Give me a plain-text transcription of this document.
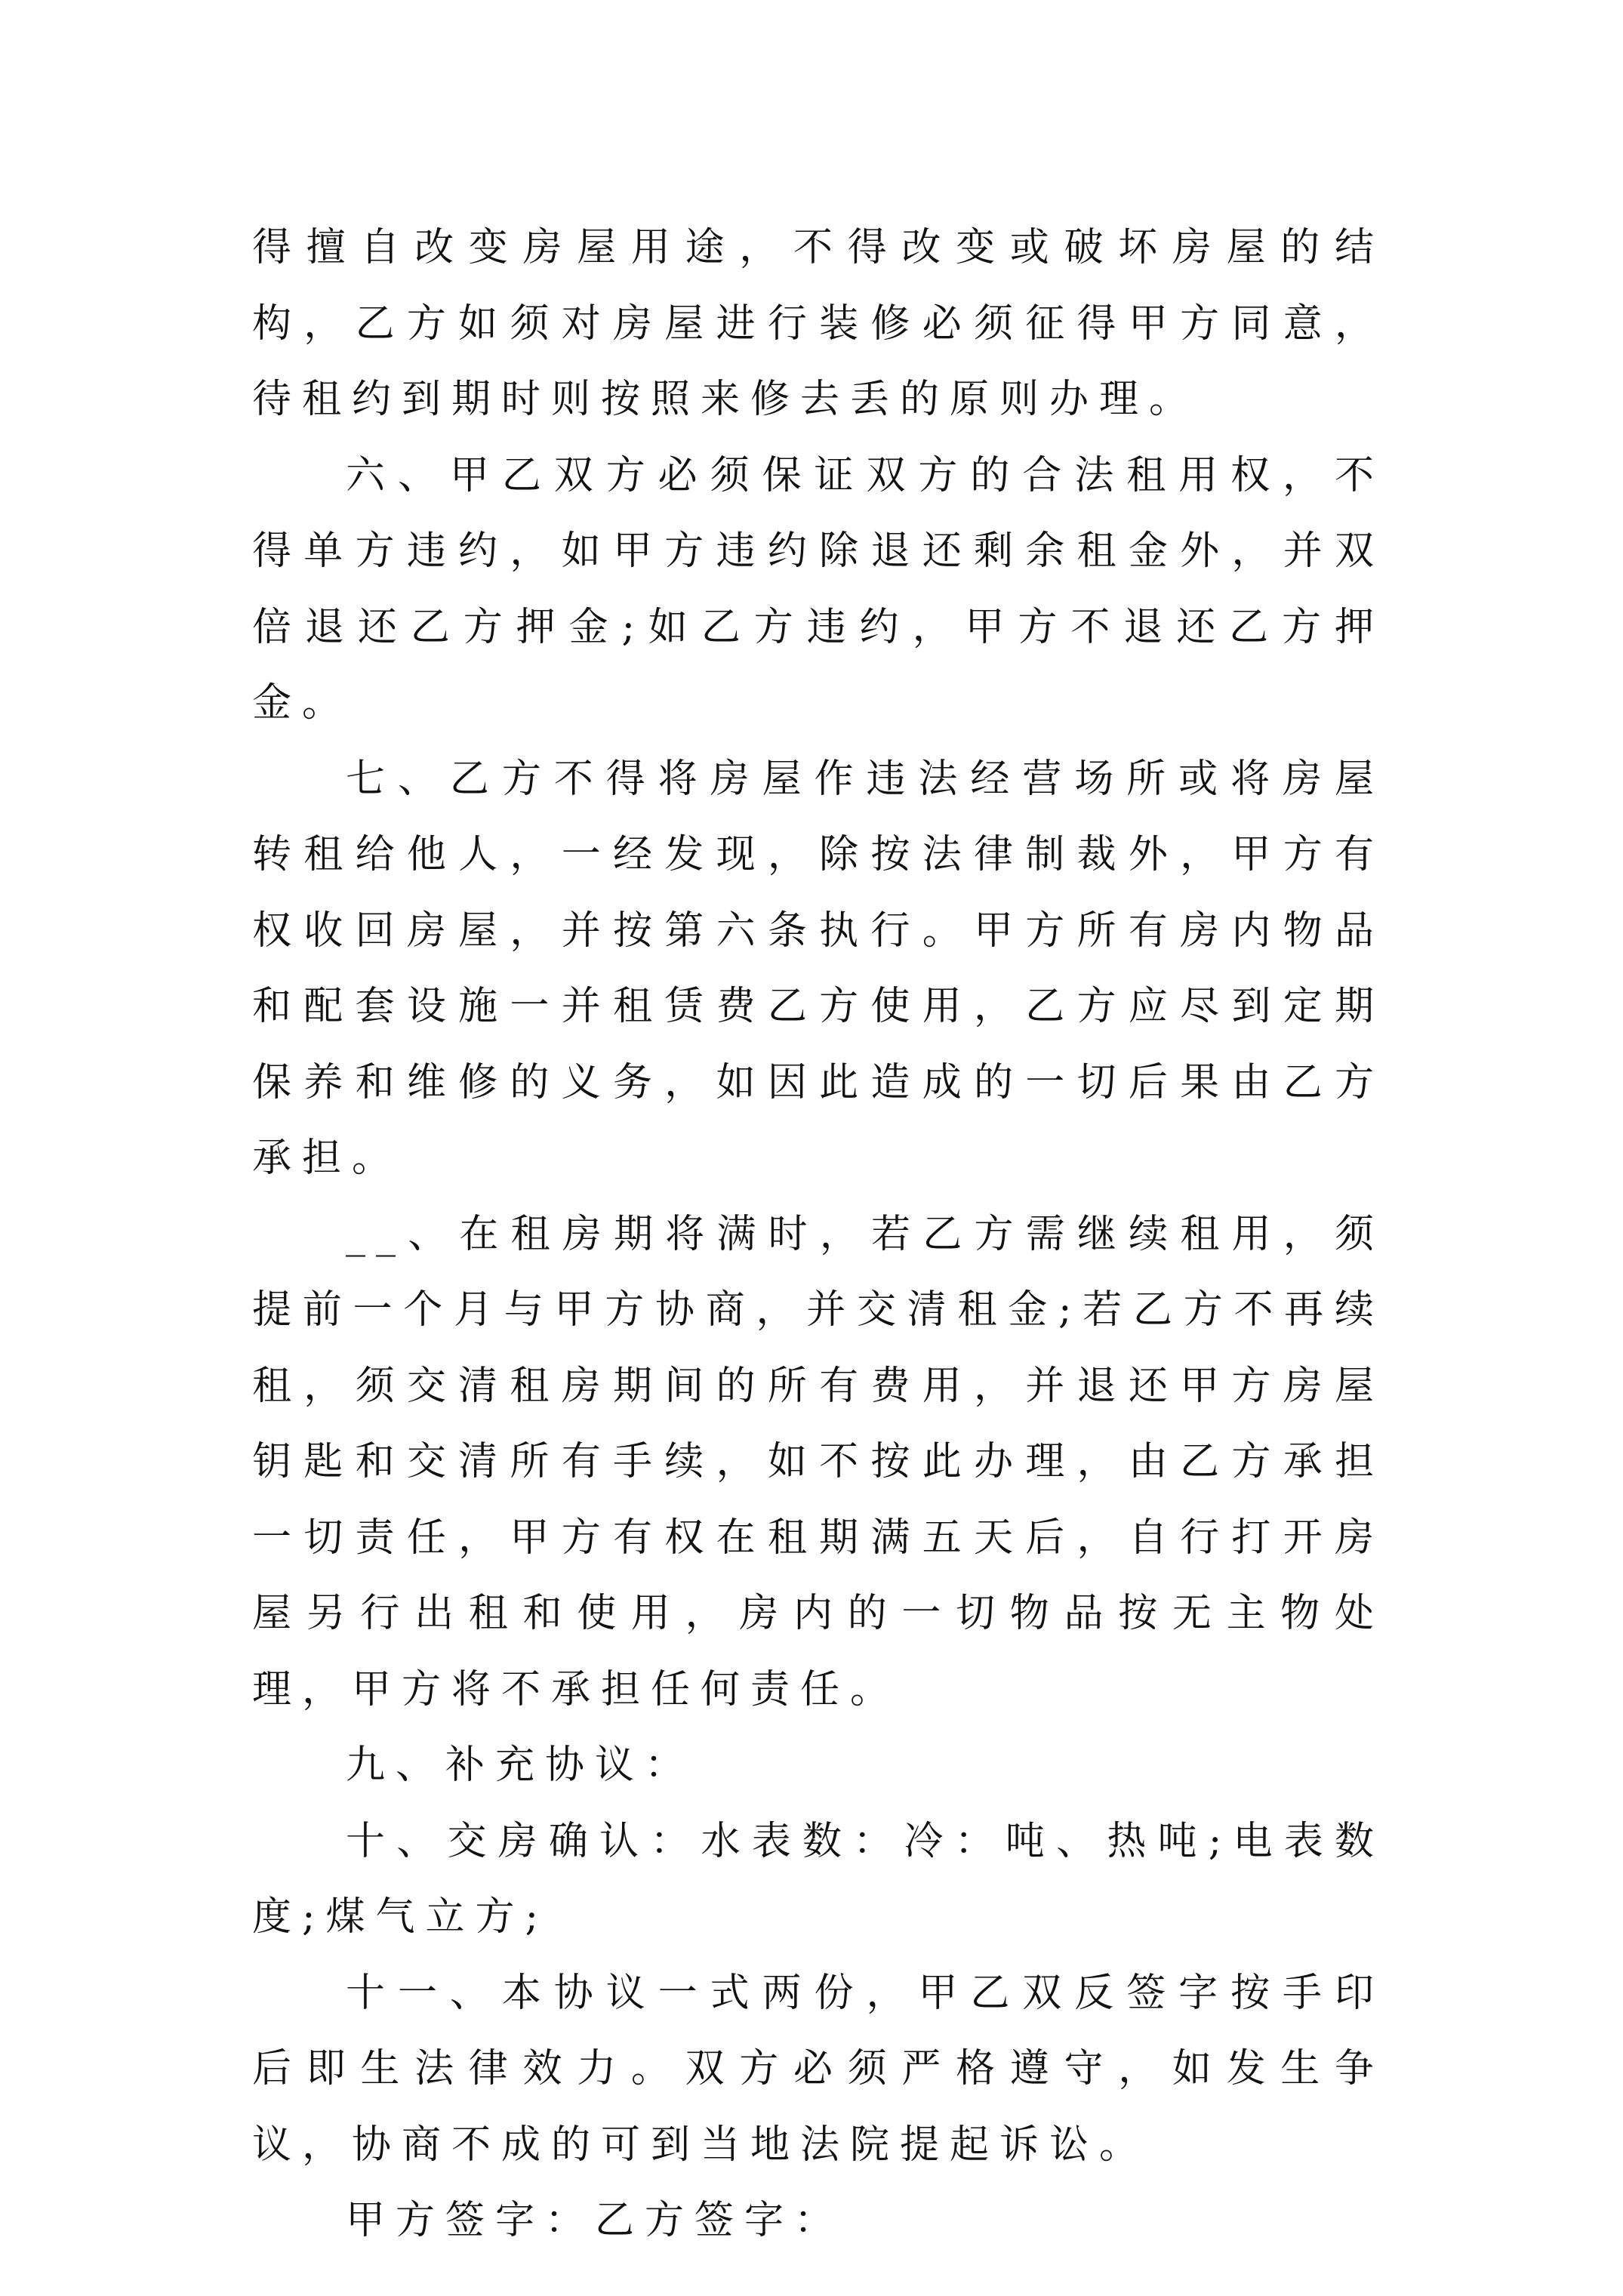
得擅自改变房屋用途，不得改变或破坏房屋的结构，乙方如须对房屋进行装修必须征得甲方同意，待租约到期时则按照来修去丢的原则办理。

六、甲乙双方必须保证双方的合法租用权，不得单方违约，如甲方违约除退还剩余租金外，并双倍退还乙方押金;如乙方违约，甲方不退还乙方押金。

七、乙方不得将房屋作违法经营场所或将房屋转租给他人，一经发现，除按法律制裁外，甲方有权收回房屋，并按第六条执行。甲方所有房内物品和配套设施一并租赁费乙方使用，乙方应尽到定期保养和维修的义务，如因此造成的一切后果由乙方承担。

__、在租房期将满时，若乙方需继续租用，须提前一个月与甲方协商，并交清租金;若乙方不再续租，须交清租房期间的所有费用，并退还甲方房屋钥匙和交清所有手续，如不按此办理，由乙方承担一切责任，甲方有权在租期满五天后，自行打开房屋另行出租和使用，房内的一切物品按无主物处理，甲方将不承担任何责任。

九、补充协议：

十、交房确认：水表数：冷：吨、热吨;电表数度;煤气立方;

十一、本协议一式两份，甲乙双反签字按手印后即生法律效力。双方必须严格遵守，如发生争议，协商不成的可到当地法院提起诉讼。

甲方签字：乙方签字：
